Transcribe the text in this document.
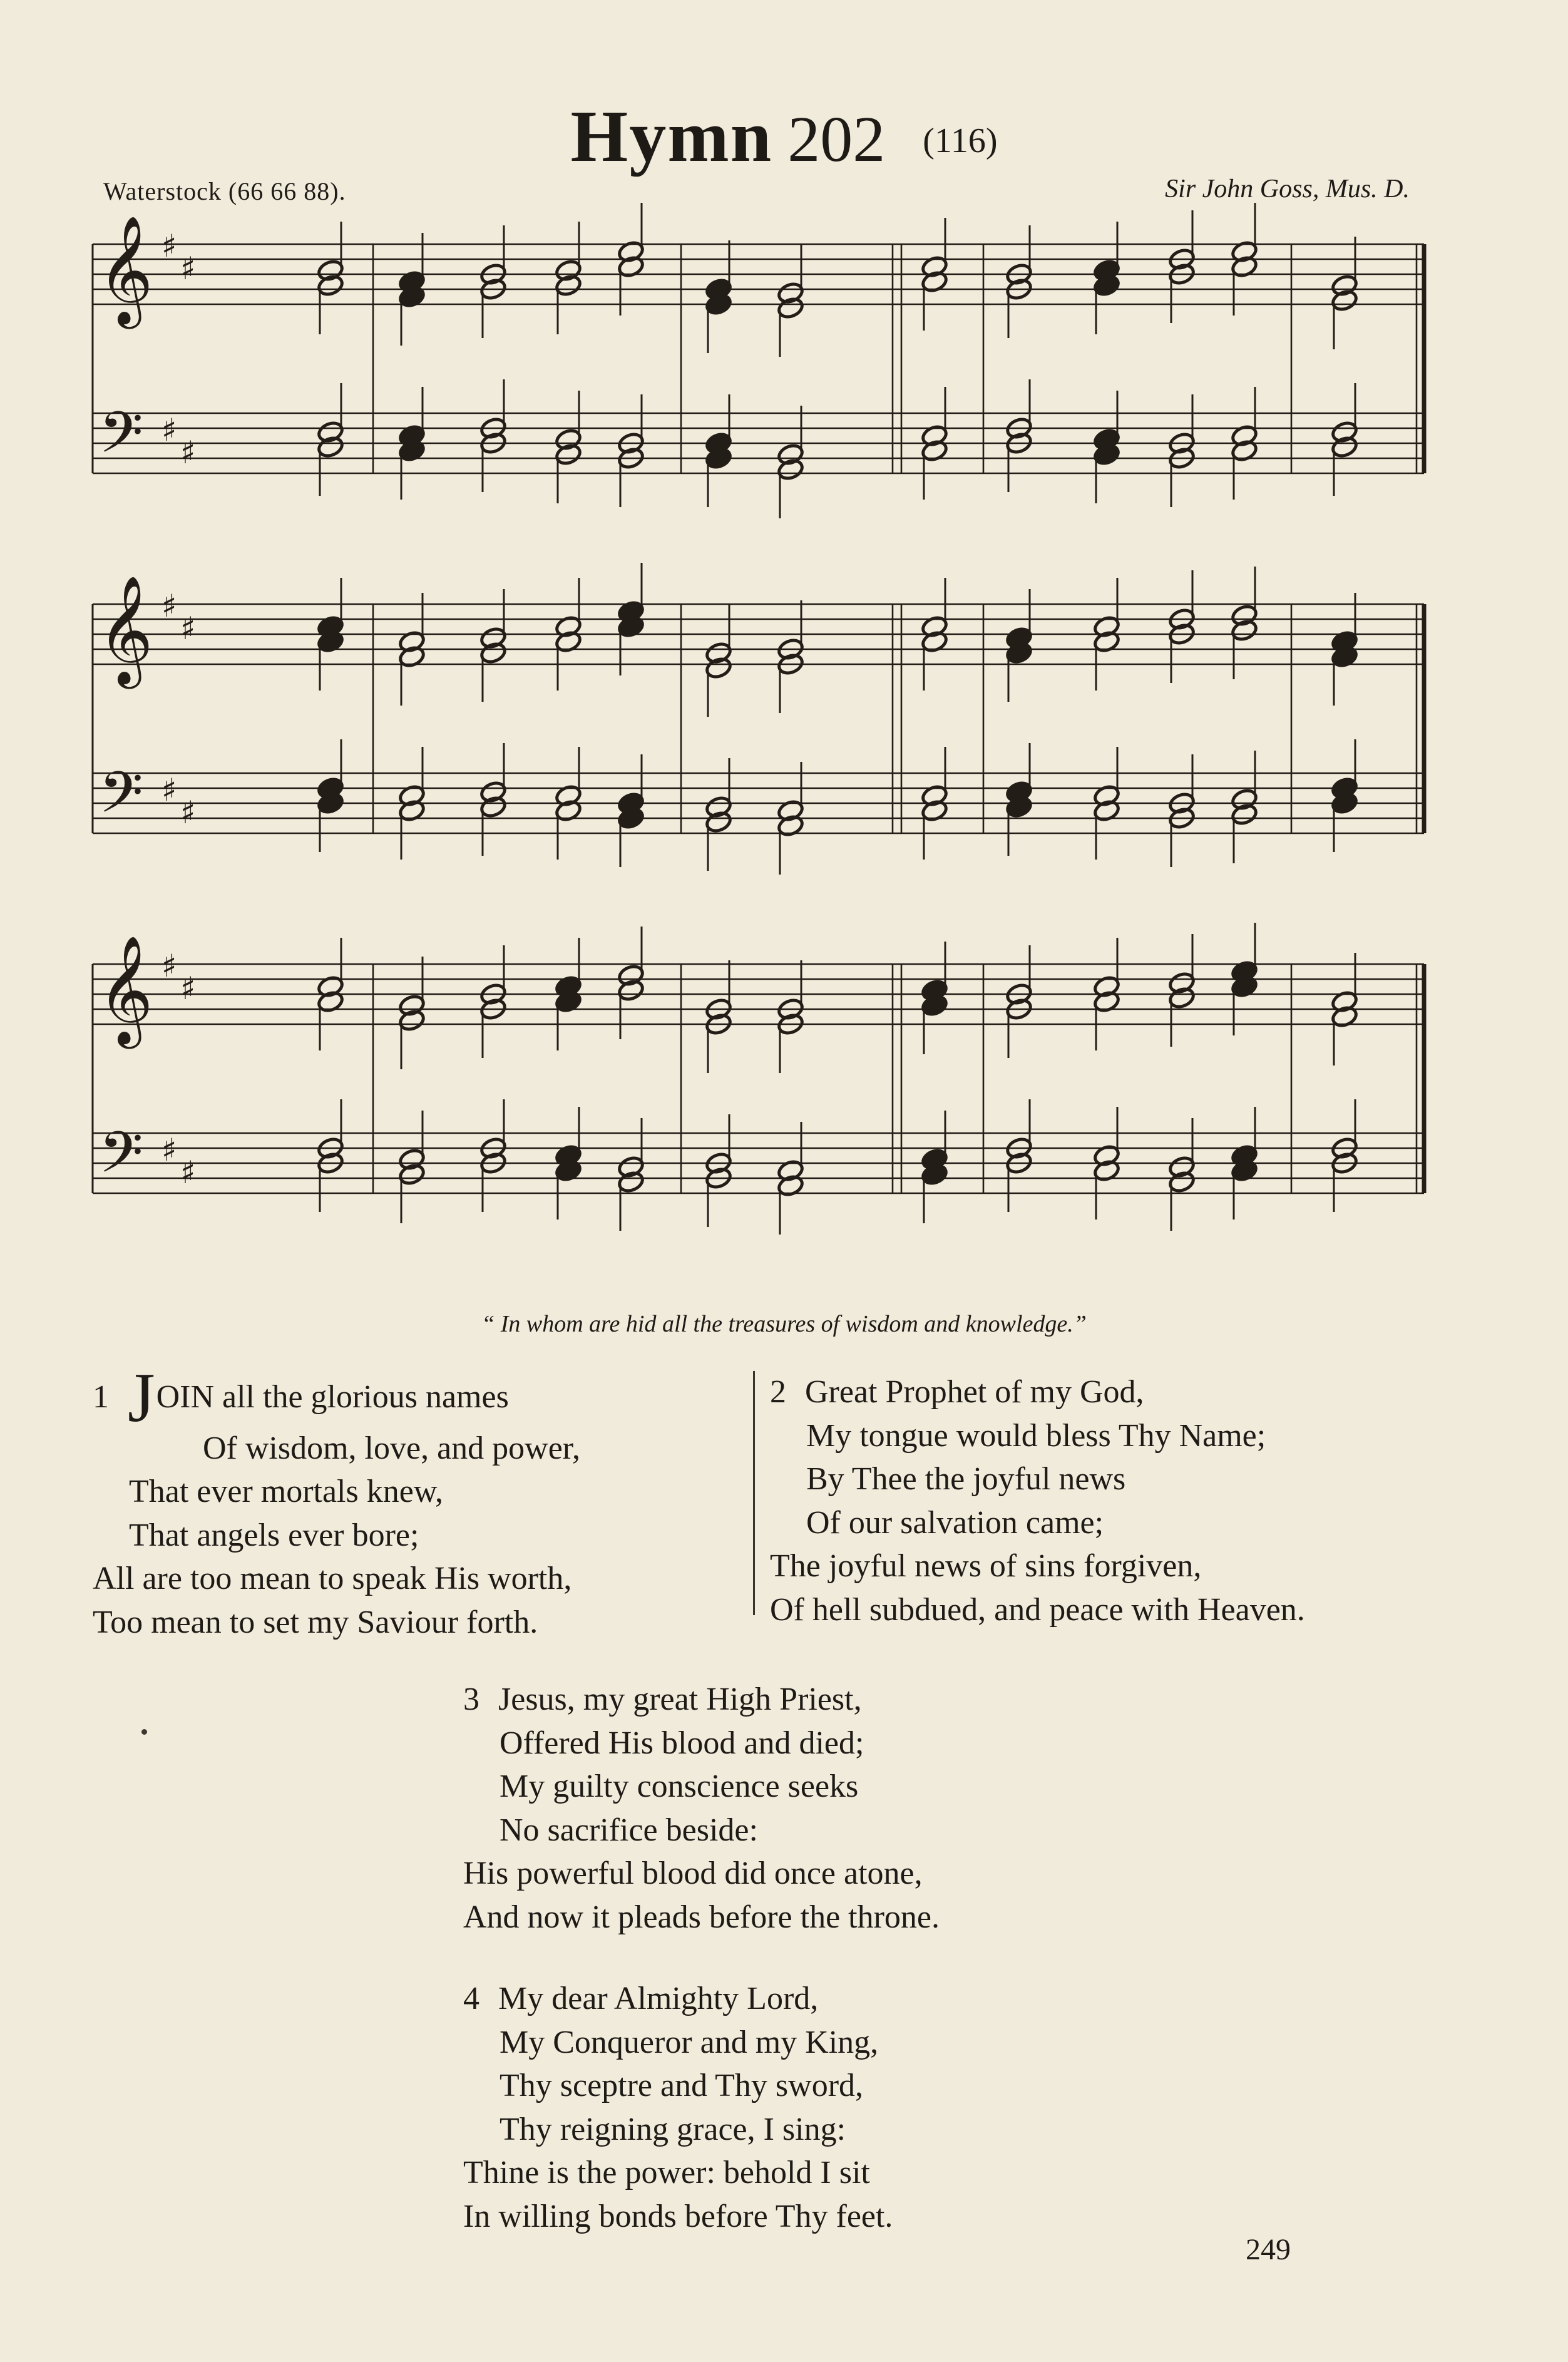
Hymn 202 (116)
Waterstock (66 66 88).	Sir John Goss, Mus. D.
𝄞 ♯
♯
𝄢 ♯
♯
𝄞 ♯
♯
𝄢 ♯
♯
𝄞 ♯
♯
𝄢 ♯
♯
“ In whom are hid all the treasures of wisdom and knowledge.”
1 JOIN all the glorious names
Of wisdom, love, and power,
That ever mortals knew,
That angels ever bore;
All are too mean to speak His worth,
Too mean to set my Saviour forth.
2 Great Prophet of my God,
My tongue would bless Thy Name;
By Thee the joyful news
Of our salvation came;
The joyful news of sins forgiven,
Of hell subdued, and peace with Heaven.
3 Jesus, my great High Priest,
Offered His blood and died;
My guilty conscience seeks
No sacrifice beside:
His powerful blood did once atone,
And now it pleads before the throne.
4 My dear Almighty Lord,
My Conqueror and my King,
Thy sceptre and Thy sword,
Thy reigning grace, I sing:
Thine is the power: behold I sit
In willing bonds before Thy feet.
249
